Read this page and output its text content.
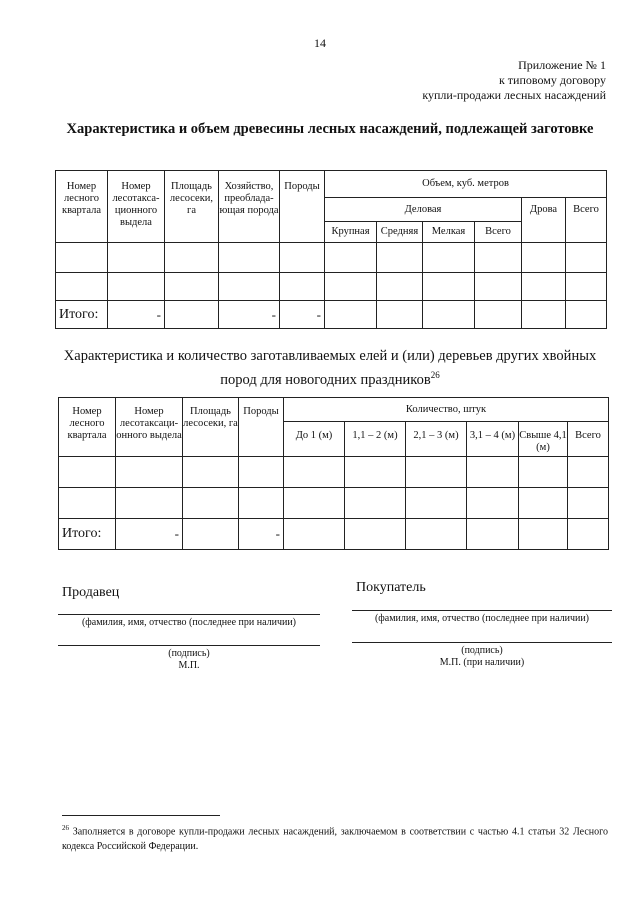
14
Приложение № 1
к типовому договору
купли-продажи лесных насаждений
Характеристика и объем древесины лесных насаждений, подлежащей заготовке
Номер лесного квартала	Номер лесотакса-ционного выдела	Площадь лесосеки, га	Хозяйство, преоблада-ющая порода	Породы	Объем, куб. метров					
					Деловая				Дрова	Всего
					Крупная	Средняя	Мелкая	Всего		

Итого:	-		-	-						
Характеристика и количество заготавливаемых елей и (или) деревьев других хвойных пород для новогодних праздников$^{26}$
Номер лесного квартала	Номер лесотаксаци-онного выдела	Площадь лесосеки, га	Породы	Количество, штук					
				До 1 (м)	1,1 – 2 (м)	2,1 – 3 (м)	3,1 – 4 (м)	Свыше 4,1 (м)	Всего

Итого:	-		-						
Продавец	Покупатель
(фамилия, имя, отчество (последнее при наличии)	(фамилия, имя, отчество (последнее при наличии)
(подпись)
М.П.
(подпись)
М.П. (при наличии)
$^{26}$ Заполняется в договоре купли-продажи лесных насаждений, заключаемом в соответствии с частью 4.1 статьи 32 Лесного кодекса Российской Федерации.
